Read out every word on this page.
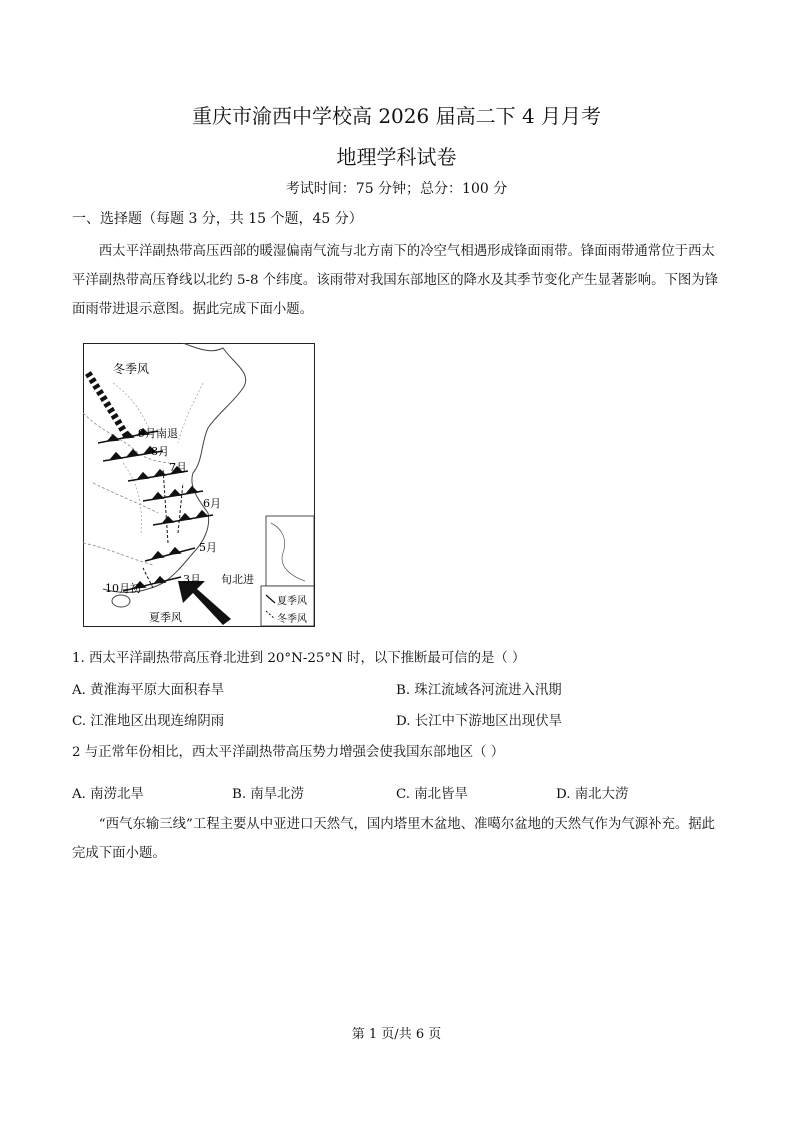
重庆市渝西中学校高 2026 届高二下 4 月月考
地理学科试卷
考试时间：75 分钟；总分：100 分
一、选择题（每题 3 分，共 15 个题，45 分）
西太平洋副热带高压西部的暖湿偏南气流与北方南下的冷空气相遇形成锋面雨带。锋面雨带通常位于西太平洋副热带高压脊线以北约 5-8 个纬度。该雨带对我国东部地区的降水及其季节变化产生显著影响。下图为锋面雨带进退示意图。据此完成下面小题。
冬季风
9月南退
8月
7月
6月
5月
3月 旬北进
10月初
夏季风
夏季风
冬季风
1. 西太平洋副热带高压脊北进到 20°N-25°N 时，以下推断最可信的是（ ）
A. 黄淮海平原大面积春旱	B. 珠江流域各河流进入汛期
C. 江淮地区出现连绵阴雨	D. 长江中下游地区出现伏旱
2 与正常年份相比，西太平洋副热带高压势力增强会使我国东部地区（ ）
A. 南涝北旱	B. 南旱北涝	C. 南北皆旱	D. 南北大涝
“西气东输三线”工程主要从中亚进口天然气，国内塔里木盆地、准噶尔盆地的天然气作为气源补充。据此完成下面小题。
第 1 页/共 6 页
